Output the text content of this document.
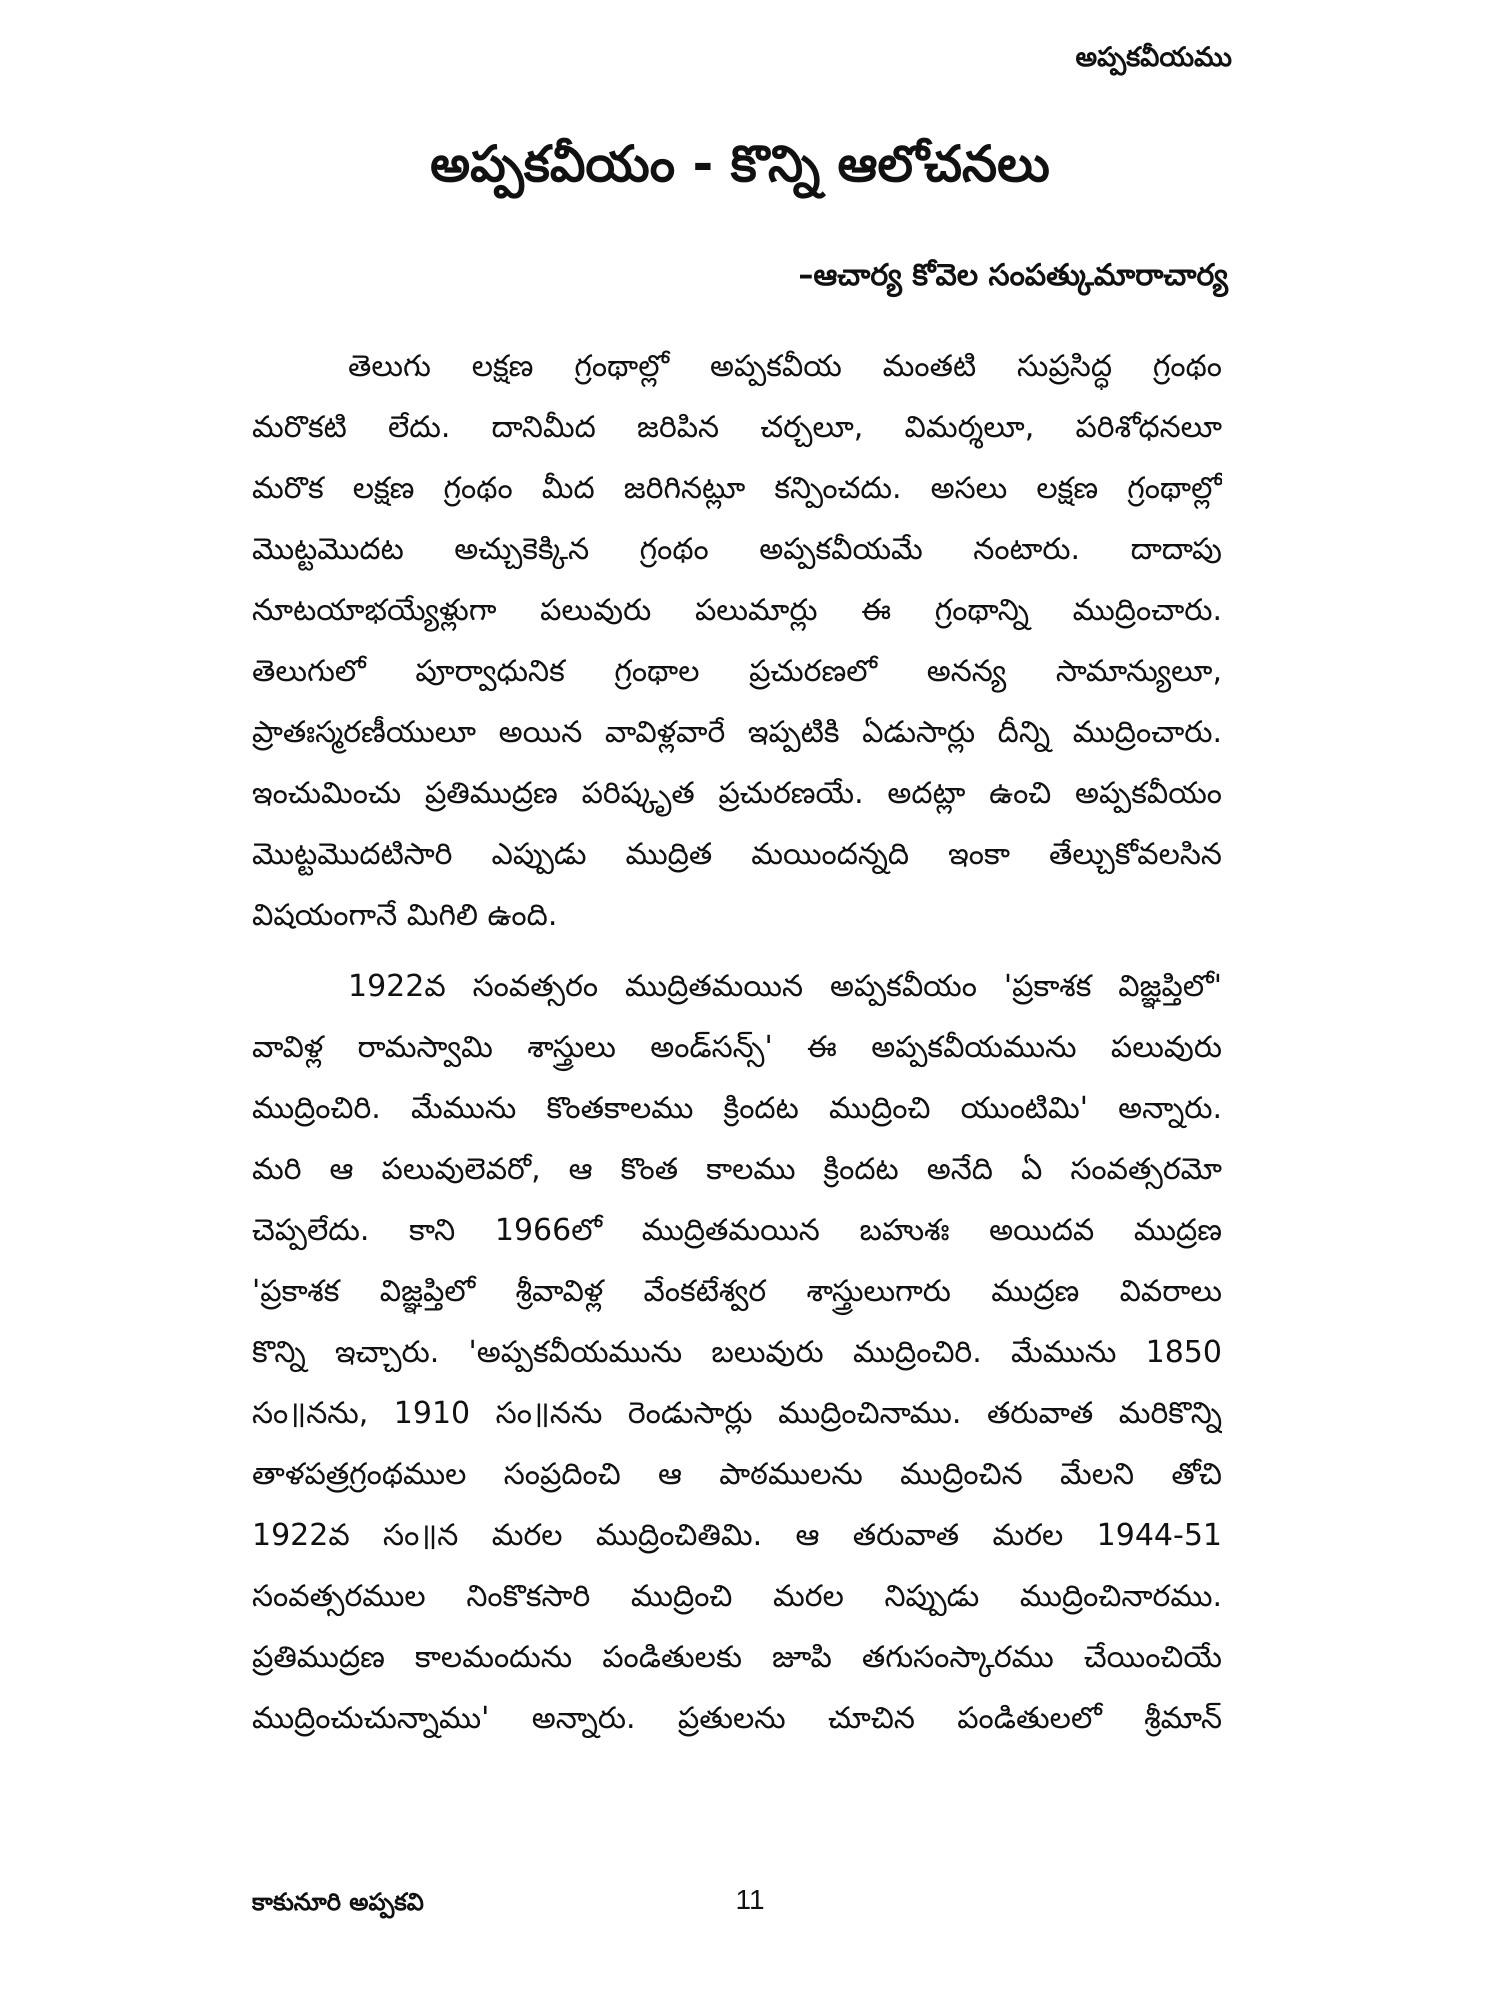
అప్పకవీయము
అప్పకవీయం - కొన్ని ఆలోచనలు
–ఆచార్య కోవెల సంపత్కుమారాచార్య
తెలుగు లక్షణ గ్రంథాల్లో అప్పకవీయ మంతటి సుప్రసిద్ధ గ్రంథం
మరొకటి లేదు. దానిమీద జరిపిన చర్చలూ, విమర్శలూ, పరిశోధనలూ
మరొక లక్షణ గ్రంథం మీద జరిగినట్లూ కన్పించదు. అసలు లక్షణ గ్రంథాల్లో
మొట్టమొదట అచ్చుకెక్కిన గ్రంథం అప్పకవీయమే నంటారు. దాదాపు
నూటయాభయ్యేళ్లుగా పలువురు పలుమార్లు ఈ గ్రంథాన్ని ముద్రించారు.
తెలుగులో పూర్వాధునిక గ్రంథాల ప్రచురణలో అనన్య సామాన్యులూ,
ప్రాతఃస్మరణీయులూ అయిన వావిళ్లవారే ఇప్పటికి ఏడుసార్లు దీన్ని ముద్రించారు.
ఇంచుమించు ప్రతిముద్రణ పరిష్కృత ప్రచురణయే. అదట్లా ఉంచి అప్పకవీయం
మొట్టమొదటిసారి ఎప్పుడు ముద్రిత మయిందన్నది ఇంకా తేల్చుకోవలసిన
విషయంగానే మిగిలి ఉంది.
1922వ సంవత్సరం ముద్రితమయిన అప్పకవీయం 'ప్రకాశక విజ్ఞప్తిలో'
వావిళ్ల రామస్వామి శాస్త్రులు అండ్‌సన్స్' ఈ అప్పకవీయమును పలువురు
ముద్రించిరి. మేమును కొంతకాలము క్రిందట ముద్రించి యుంటిమి' అన్నారు.
మరి ఆ పలువులెవరో, ఆ కొంత కాలము క్రిందట అనేది ఏ సంవత్సరమో
చెప్పలేదు. కాని 1966లో ముద్రితమయిన బహుశః అయిదవ ముద్రణ
'ప్రకాశక విజ్ఞప్తిలో శ్రీవావిళ్ల వేంకటేశ్వర శాస్త్రులుగారు ముద్రణ వివరాలు
కొన్ని ఇచ్చారు. 'అప్పకవీయమును బలువురు ముద్రించిరి. మేమును 1850
సం॥నను, 1910 సం॥నను రెండుసార్లు ముద్రించినాము. తరువాత మరికొన్ని
తాళపత్రగ్రంథముల సంప్రదించి ఆ పాఠములను ముద్రించిన మేలని తోచి
1922వ సం॥న మరల ముద్రించితిమి. ఆ తరువాత మరల 1944-51
సంవత్సరముల నింకొకసారి ముద్రించి మరల నిప్పుడు ముద్రించినారము.
ప్రతిముద్రణ కాలమందును పండితులకు జూపి తగుసంస్కారము చేయించియే
ముద్రించుచున్నాము' అన్నారు. ప్రతులను చూచిన పండితులలో శ్రీమాన్
కాకునూరి అప్పకవి	11
